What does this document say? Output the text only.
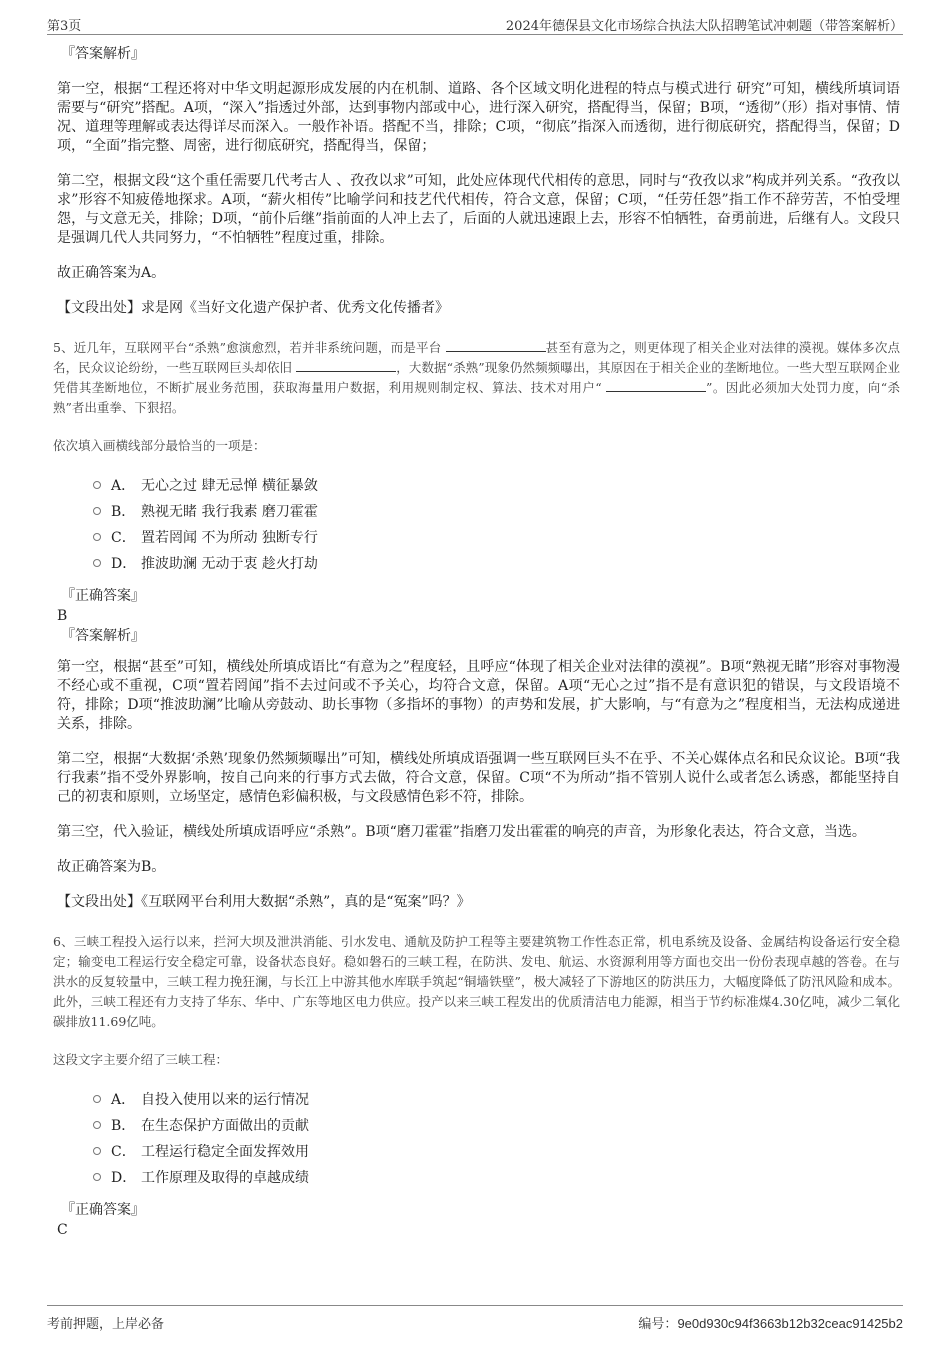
第3页	2024年德保县文化市场综合执法大队招聘笔试冲刺题（带答案解析）
『答案解析』

第一空，根据“工程还将对中华文明起源形成发展的内在机制、道路、各个区域文明化进程的特点与模式进行 研究”可知，横线所填词语需要与“研究”搭配。A项，“深入”指透过外部，达到事物内部或中心，进行深入研究，搭配得当，保留；B项，“透彻”（形）指对事情、情况、道理等理解或表达得详尽而深入。一般作补语。搭配不当，排除；C项，“彻底”指深入而透彻，进行彻底研究，搭配得当，保留；D项，“全面”指完整、周密，进行彻底研究，搭配得当，保留；

第二空，根据文段“这个重任需要几代考古人 、孜孜以求”可知，此处应体现代代相传的意思，同时与“孜孜以求”构成并列关系。“孜孜以求”形容不知疲倦地探求。A项，“薪火相传”比喻学问和技艺代代相传，符合文意，保留；C项，“任劳任怨”指工作不辞劳苦，不怕受埋怨，与文意无关，排除；D项，“前仆后继”指前面的人冲上去了，后面的人就迅速跟上去，形容不怕牺牲，奋勇前进，后继有人。文段只是强调几代人共同努力，“不怕牺牲”程度过重，排除。

故正确答案为A。

【文段出处】求是网《当好文化遗产保护者、优秀文化传播者》

5、近几年，互联网平台“杀熟”愈演愈烈，若并非系统问题，而是平台	甚至有意为之，则更体现了相关企业对法律的漠视。媒体多次点名，民众议论纷纷，一些互联网巨头却依旧	，大数据“杀熟”现象仍然频频曝出，其原因在于相关企业的垄断地位。一些大型互联网企业凭借其垄断地位，不断扩展业务范围，获取海量用户数据，利用规则制定权、算法、技术对用户“	”。因此必须加大处罚力度，向“杀熟”者出重拳、下狠招。

依次填入画横线部分最恰当的一项是：

A． 无心之过 肆无忌惮 横征暴敛
B． 熟视无睹 我行我素 磨刀霍霍
C． 置若罔闻 不为所动 独断专行
D． 推波助澜 无动于衷 趁火打劫
『正确答案』
B
『答案解析』

第一空，根据“甚至”可知，横线处所填成语比“有意为之”程度轻，且呼应“体现了相关企业对法律的漠视”。B项“熟视无睹”形容对事物漫不经心或不重视，C项“置若罔闻”指不去过问或不予关心，均符合文意，保留。A项“无心之过”指不是有意识犯的错误，与文段语境不符，排除；D项“推波助澜”比喻从旁鼓动、助长事物（多指坏的事物）的声势和发展，扩大影响，与“有意为之”程度相当，无法构成递进关系，排除。

第二空，根据“大数据‘杀熟’现象仍然频频曝出”可知，横线处所填成语强调一些互联网巨头不在乎、不关心媒体点名和民众议论。B项“我行我素”指不受外界影响，按自己向来的行事方式去做，符合文意，保留。C项“不为所动”指不管别人说什么或者怎么诱惑，都能坚持自己的初衷和原则，立场坚定，感情色彩偏积极，与文段感情色彩不符，排除。

第三空，代入验证，横线处所填成语呼应“杀熟”。B项“磨刀霍霍”指磨刀发出霍霍的响亮的声音，为形象化表达，符合文意，当选。

故正确答案为B。

【文段出处】《互联网平台利用大数据“杀熟”，真的是“冤案”吗？》

6、三峡工程投入运行以来，拦河大坝及泄洪消能、引水发电、通航及防护工程等主要建筑物工作性态正常，机电系统及设备、金属结构设备运行安全稳定；输变电工程运行安全稳定可靠，设备状态良好。稳如磐石的三峡工程，在防洪、发电、航运、水资源利用等方面也交出一份份表现卓越的答卷。在与洪水的反复较量中，三峡工程力挽狂澜，与长江上中游其他水库联手筑起“铜墙铁壁”，极大减轻了下游地区的防洪压力，大幅度降低了防汛风险和成本。此外，三峡工程还有力支持了华东、华中、广东等地区电力供应。投产以来三峡工程发出的优质清洁电力能源，相当于节约标准煤4.30亿吨，减少二氧化碳排放11.69亿吨。

这段文字主要介绍了三峡工程：

A． 自投入使用以来的运行情况
B． 在生态保护方面做出的贡献
C． 工程运行稳定全面发挥效用
D． 工作原理及取得的卓越成绩
『正确答案』
C
考前押题，上岸必备	编号：9e0d930c94f3663b12b32ceac91425b2
